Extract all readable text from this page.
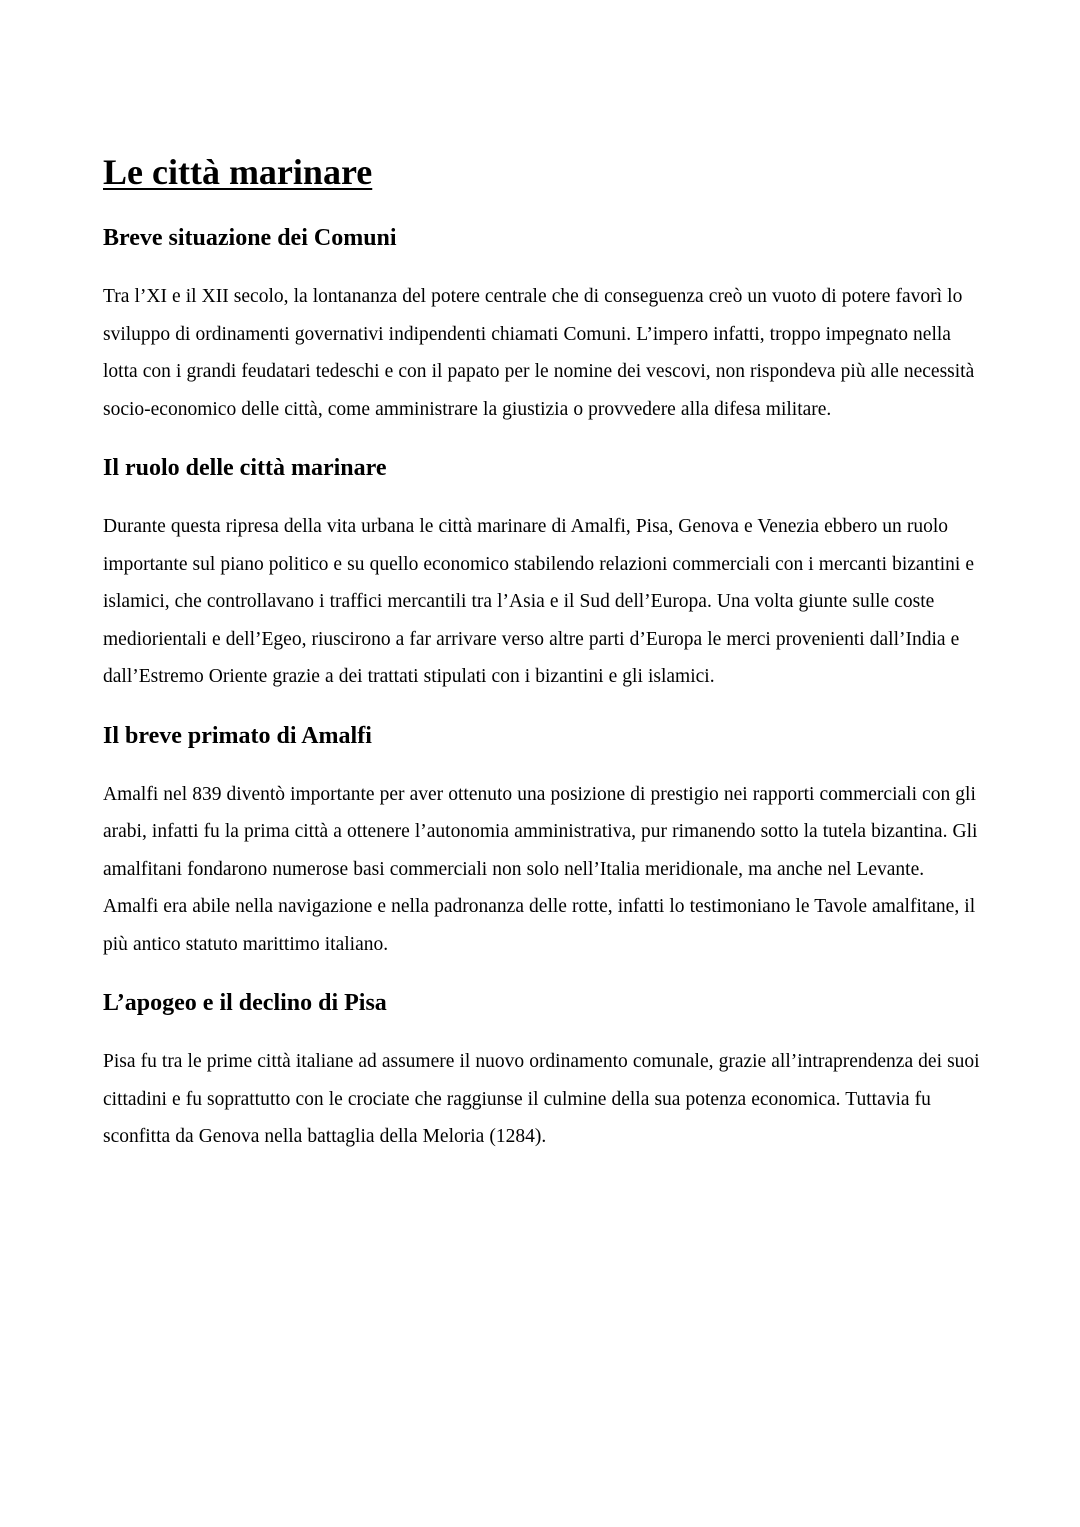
Le città marinare
Breve situazione dei Comuni

Tra l’XI e il XII secolo, la lontananza del potere centrale che di conseguenza creò un vuoto di potere favorì lo sviluppo di ordinamenti governativi indipendenti chiamati Comuni. L’impero infatti, troppo impegnato nella lotta con i grandi feudatari tedeschi e con il papato per le nomine dei vescovi, non rispondeva più alle necessità socio-economico delle città, come amministrare la giustizia o provvedere alla difesa militare.

Il ruolo delle città marinare

Durante questa ripresa della vita urbana le città marinare di Amalfi, Pisa, Genova e Venezia ebbero un ruolo importante sul piano politico e su quello economico stabilendo relazioni commerciali con i mercanti bizantini e islamici, che controllavano i traffici mercantili tra l’Asia e il Sud dell’Europa. Una volta giunte sulle coste mediorientali e dell’Egeo, riuscirono a far arrivare verso altre parti d’Europa le merci provenienti dall’India e dall’Estremo Oriente grazie a dei trattati stipulati con i bizantini e gli islamici.

Il breve primato di Amalfi

Amalfi nel 839 diventò importante per aver ottenuto una posizione di prestigio nei rapporti commerciali con gli arabi, infatti fu la prima città a ottenere l’autonomia amministrativa, pur rimanendo sotto la tutela bizantina. Gli amalfitani fondarono numerose basi commerciali non solo nell’Italia meridionale, ma anche nel Levante. Amalfi era abile nella navigazione e nella padronanza delle rotte, infatti lo testimoniano le Tavole amalfitane, il più antico statuto marittimo italiano.

L’apogeo e il declino di Pisa

Pisa fu tra le prime città italiane ad assumere il nuovo ordinamento comunale, grazie all’intraprendenza dei suoi cittadini e fu soprattutto con le crociate che raggiunse il culmine della sua potenza economica. Tuttavia fu sconfitta da Genova nella battaglia della Meloria (1284).
